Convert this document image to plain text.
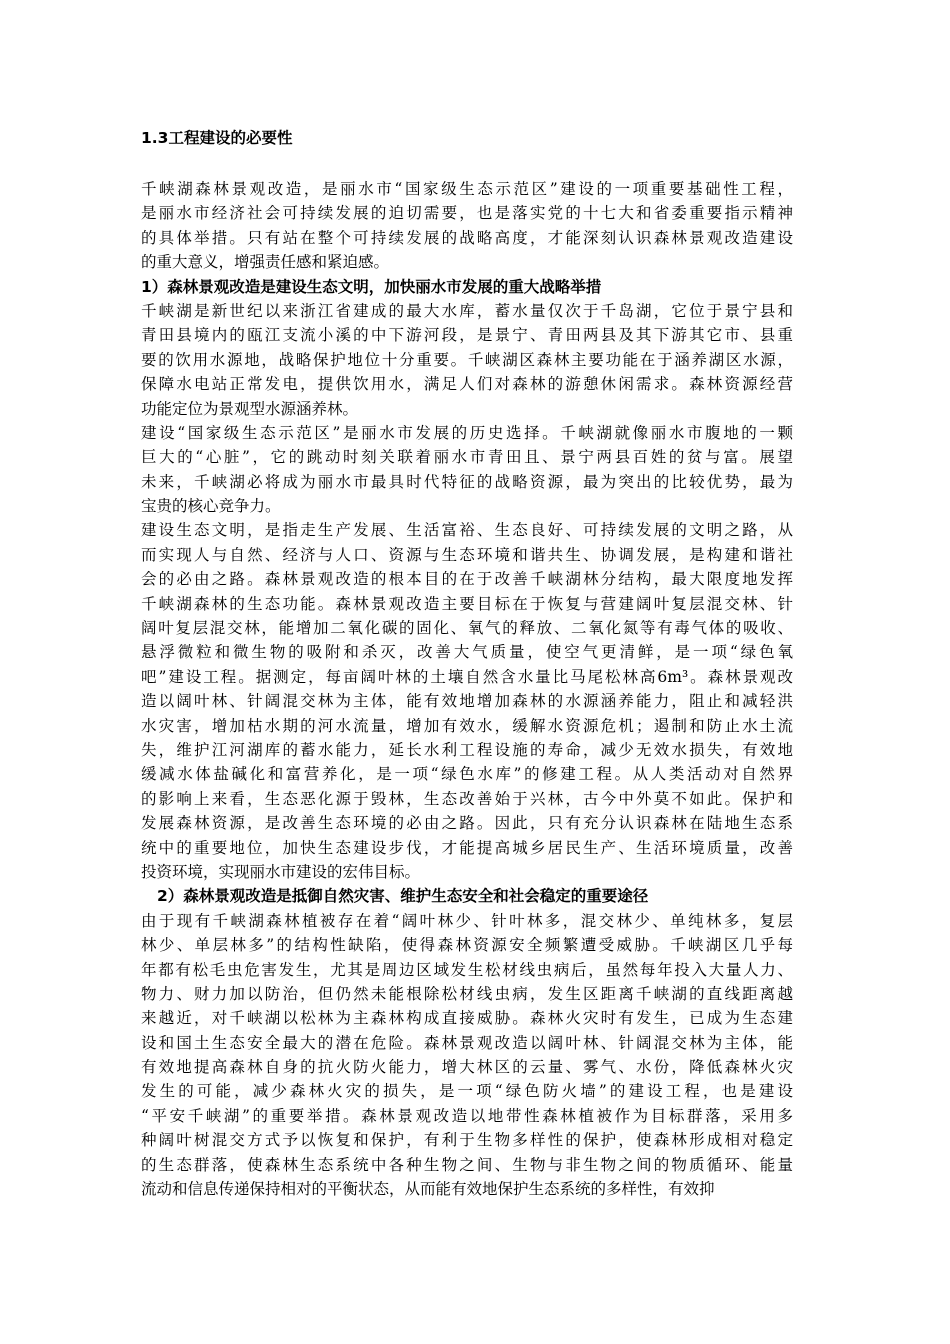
1.3工程建设的必要性
千峡湖森林景观改造，是丽水市“国家级生态示范区”建设的一项重要基础性工程，
是丽水市经济社会可持续发展的迫切需要，也是落实党的十七大和省委重要指示精神
的具体举措。只有站在整个可持续发展的战略高度，才能深刻认识森林景观改造建设
的重大意义，增强责任感和紧迫感。
1）森林景观改造是建设生态文明，加快丽水市发展的重大战略举措
千峡湖是新世纪以来浙江省建成的最大水库，蓄水量仅次于千岛湖，它位于景宁县和
青田县境内的瓯江支流小溪的中下游河段，是景宁、青田两县及其下游其它市、县重
要的饮用水源地，战略保护地位十分重要。千峡湖区森林主要功能在于涵养湖区水源，
保障水电站正常发电，提供饮用水，满足人们对森林的游憩休闲需求。森林资源经营
功能定位为景观型水源涵养林。
建设“国家级生态示范区”是丽水市发展的历史选择。千峡湖就像丽水市腹地的一颗
巨大的“心脏”，它的跳动时刻关联着丽水市青田且、景宁两县百姓的贫与富。展望
未来，千峡湖必将成为丽水市最具时代特征的战略资源，最为突出的比较优势，最为
宝贵的核心竞争力。
建设生态文明，是指走生产发展、生活富裕、生态良好、可持续发展的文明之路，从
而实现人与自然、经济与人口、资源与生态环境和谐共生、协调发展，是构建和谐社
会的必由之路。森林景观改造的根本目的在于改善千峡湖林分结构，最大限度地发挥
千峡湖森林的生态功能。森林景观改造主要目标在于恢复与营建阔叶复层混交林、针
阔叶复层混交林，能增加二氧化碳的固化、氧气的释放、二氧化氮等有毒气体的吸收、
悬浮微粒和微生物的吸附和杀灭，改善大气质量，使空气更清鲜，是一项“绿色氧
吧”建设工程。据测定，每亩阔叶林的土壤自然含水量比马尾松林高6m³。森林景观改
造以阔叶林、针阔混交林为主体，能有效地增加森林的水源涵养能力，阻止和减轻洪
水灾害，增加枯水期的河水流量，增加有效水，缓解水资源危机；遏制和防止水土流
失，维护江河湖库的蓄水能力，延长水利工程设施的寿命，减少无效水损失，有效地
缓减水体盐碱化和富营养化，是一项“绿色水库”的修建工程。从人类活动对自然界
的影响上来看，生态恶化源于毁林，生态改善始于兴林，古今中外莫不如此。保护和
发展森林资源，是改善生态环境的必由之路。因此，只有充分认识森林在陆地生态系
统中的重要地位，加快生态建设步伐，才能提高城乡居民生产、生活环境质量，改善
投资环境，实现丽水市建设的宏伟目标。
2）森林景观改造是抵御自然灾害、维护生态安全和社会稳定的重要途径
由于现有千峡湖森林植被存在着“阔叶林少、针叶林多，混交林少、单纯林多，复层
林少、单层林多”的结构性缺陷，使得森林资源安全频繁遭受威胁。千峡湖区几乎每
年都有松毛虫危害发生，尤其是周边区域发生松材线虫病后，虽然每年投入大量人力、
物力、财力加以防治，但仍然未能根除松材线虫病，发生区距离千峡湖的直线距离越
来越近，对千峡湖以松林为主森林构成直接威胁。森林火灾时有发生，已成为生态建
设和国土生态安全最大的潜在危险。森林景观改造以阔叶林、针阔混交林为主体，能
有效地提高森林自身的抗火防火能力，增大林区的云量、雾气、水份，降低森林火灾
发生的可能，减少森林火灾的损失，是一项“绿色防火墙”的建设工程，也是建设
“平安千峡湖”的重要举措。森林景观改造以地带性森林植被作为目标群落，采用多
种阔叶树混交方式予以恢复和保护，有利于生物多样性的保护，使森林形成相对稳定
的生态群落，使森林生态系统中各种生物之间、生物与非生物之间的物质循环、能量
流动和信息传递保持相对的平衡状态，从而能有效地保护生态系统的多样性，有效抑
